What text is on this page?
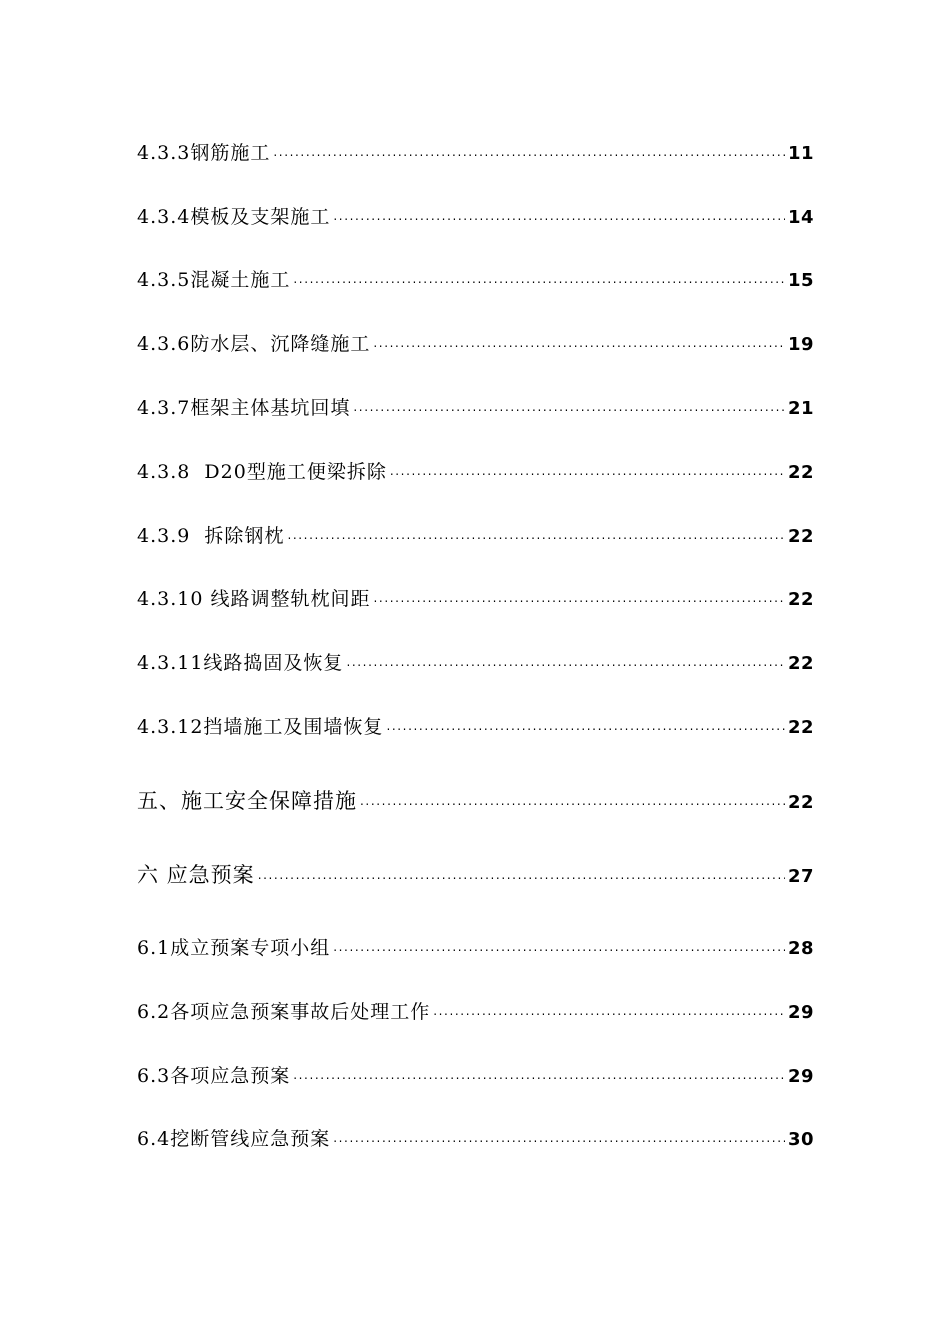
4.3.3钢筋施工 .....	11
4.3.4模板及支架施工 .....	14
4.3.5混凝土施工 .....	15
4.3.6防水层、沉降缝施工 .....	19
4.3.7框架主体基坑回填 .....	21
4.3.8  D20型施工便梁拆除 .....	22
4.3.9  拆除钢枕 .....	22
4.3.10 线路调整轨枕间距 .....	22
4.3.11线路捣固及恢复 .....	22
4.3.12挡墙施工及围墙恢复 .....	22
五、施工安全保障措施 .....	22
六 应急预案 .....	27
6.1成立预案专项小组 .....	28
6.2各项应急预案事故后处理工作 .....	29
6.3各项应急预案 .....	29
6.4挖断管线应急预案 .....	30
